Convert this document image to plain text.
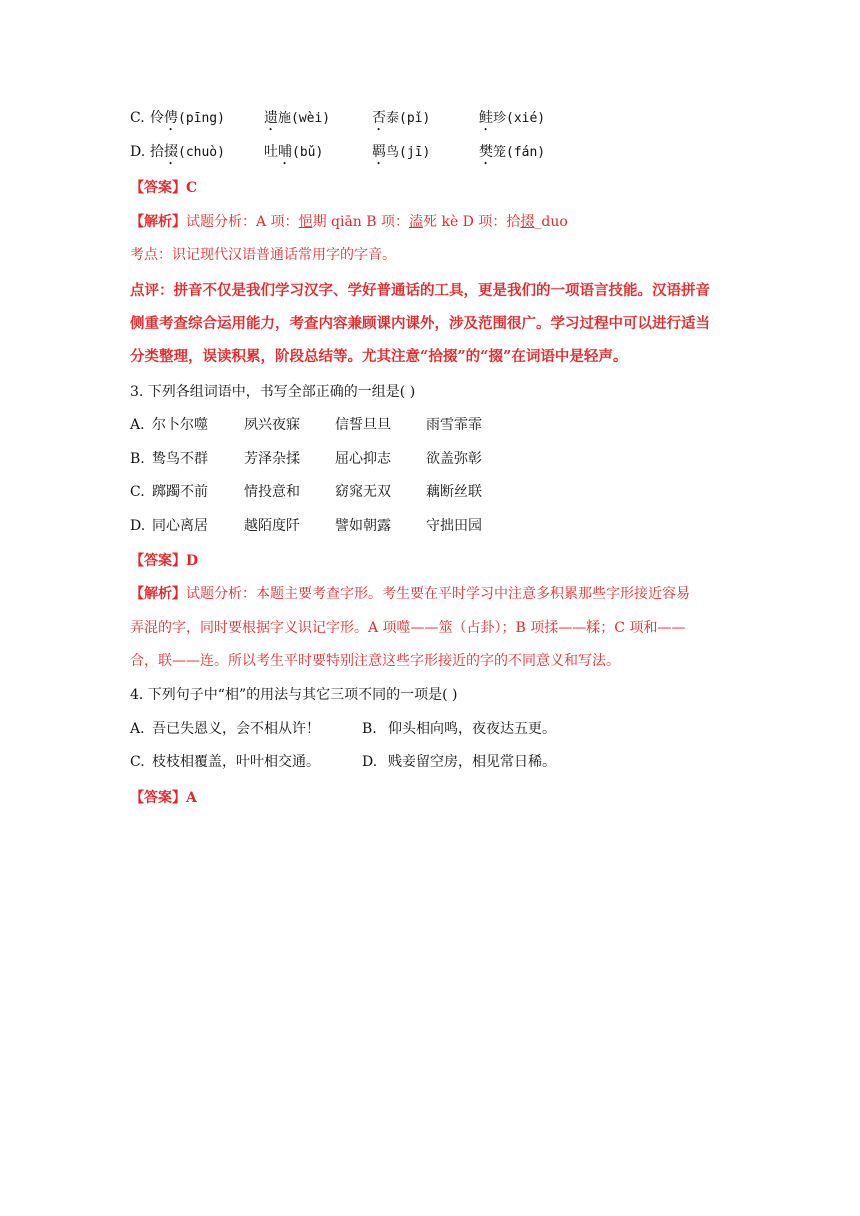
C. 伶俜(pīng)	遗施(wèi)	否泰(pǐ)	鲑珍(xié)
D. 拾掇(chuò)	吐哺(bǔ)	羁鸟(jī)	樊笼(fán)
【答案】C
【解析】试题分析：A 项：悒期 qiān B 项：溘死 kè D 项：拾掇_duo
考点：识记现代汉语普通话常用字的字音。
点评：拼音不仅是我们学习汉字、学好普通话的工具，更是我们的一项语言技能。汉语拼音
侧重考查综合运用能力，考查内容兼顾课内课外，涉及范围很广。学习过程中可以进行适当
分类整理，误读积累，阶段总结等。尤其注意“拾掇”的“掇”在词语中是轻声。
3. 下列各组词语中，书写全部正确的一组是( )
A. 尔卜尔噬	夙兴夜寐	信誓旦旦	雨雪霏霏
B. 鸷鸟不群	芳泽杂揉	屈心抑志	欲盖弥彰
C. 踯躅不前	情投意和	窈窕无双	藕断丝联
D. 同心离居	越陌度阡	譬如朝露	守拙田园
【答案】D
【解析】试题分析：本题主要考查字形。考生要在平时学习中注意多积累那些字形接近容易
弄混的字，同时要根据字义识记字形。A 项噬——筮（占卦）；B 项揉——糅；C 项和——
合，联——连。所以考生平时要特别注意这些字形接近的字的不同意义和写法。
4. 下列句子中“相”的用法与其它三项不同的一项是( )
A. 吾已失恩义，会不相从许！	B. 仰头相向鸣，夜夜达五更。
C. 枝枝相覆盖，叶叶相交通。	D. 贱妾留空房，相见常日稀。
【答案】A
